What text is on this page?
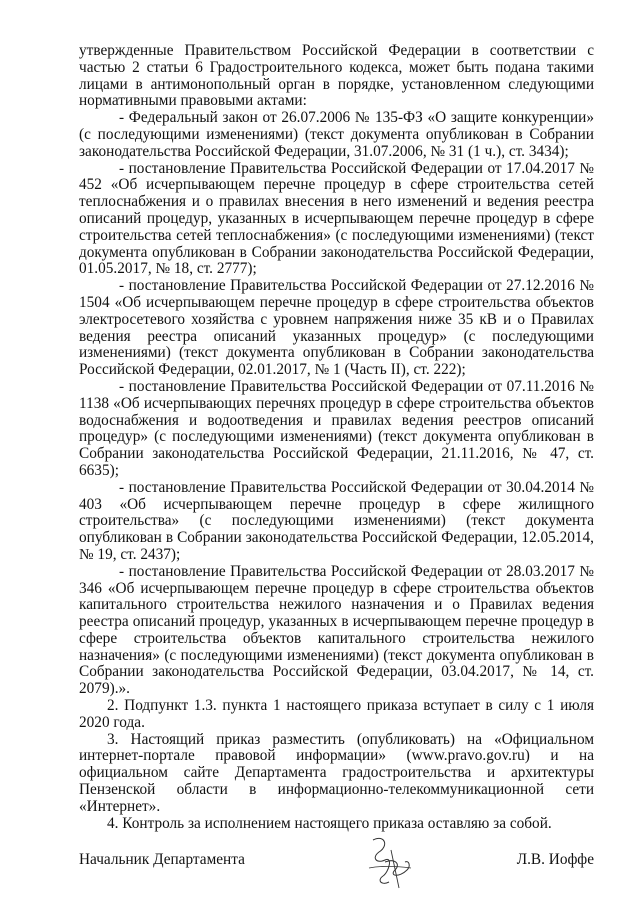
утвержденные Правительством Российской Федерации в соответствии с частью 2 статьи 6 Градостроительного кодекса, может быть подана такими лицами в антимонопольный орган в порядке, установленном следующими нормативными правовыми актами:

- Федеральный закон от 26.07.2006 № 135-ФЗ «О защите конкуренции» (с последующими изменениями) (текст документа опубликован в Собрании законодательства Российской Федерации, 31.07.2006, № 31 (1 ч.), ст. 3434);

- постановление Правительства Российской Федерации от 17.04.2017 № 452 «Об исчерпывающем перечне процедур в сфере строительства сетей теплоснабжения и о правилах внесения в него изменений и ведения реестра описаний процедур, указанных в исчерпывающем перечне процедур в сфере строительства сетей теплоснабжения» (с последующими изменениями) (текст документа опубликован в Собрании законодательства Российской Федерации, 01.05.2017, № 18, ст. 2777);

- постановление Правительства Российской Федерации от 27.12.2016 № 1504 «Об исчерпывающем перечне процедур в сфере строительства объектов электросетевого хозяйства с уровнем напряжения ниже 35 кВ и о Правилах ведения реестра описаний указанных процедур» (с последующими изменениями) (текст документа опубликован в Собрании законодательства Российской Федерации, 02.01.2017, № 1 (Часть II), ст. 222);

- постановление Правительства Российской Федерации от 07.11.2016 № 1138 «Об исчерпывающих перечнях процедур в сфере строительства объектов водоснабжения и водоотведения и правилах ведения реестров описаний процедур» (с последующими изменениями) (текст документа опубликован в Собрании законодательства Российской Федерации, 21.11.2016, № 47, ст. 6635);

- постановление Правительства Российской Федерации от 30.04.2014 № 403 «Об исчерпывающем перечне процедур в сфере жилищного строительства» (с последующими изменениями) (текст документа опубликован в Собрании законодательства Российской Федерации, 12.05.2014, № 19, ст. 2437);

- постановление Правительства Российской Федерации от 28.03.2017 № 346 «Об исчерпывающем перечне процедур в сфере строительства объектов капитального строительства нежилого назначения и о Правилах ведения реестра описаний процедур, указанных в исчерпывающем перечне процедур в сфере строительства объектов капитального строительства нежилого назначения» (с последующими изменениями) (текст документа опубликован в Собрании законодательства Российской Федерации, 03.04.2017, № 14, ст. 2079).».

2. Подпункт 1.3. пункта 1 настоящего приказа вступает в силу с 1 июля 2020 года.

3. Настоящий приказ разместить (опубликовать) на «Официальном интернет-портале правовой информации» (www.pravo.gov.ru) и на официальном сайте Департамента градостроительства и архитектуры Пензенской области в информационно-телекоммуникационной сети «Интернет».

4. Контроль за исполнением настоящего приказа оставляю за собой.

Начальник Департамента	Л.В. Иоффе
